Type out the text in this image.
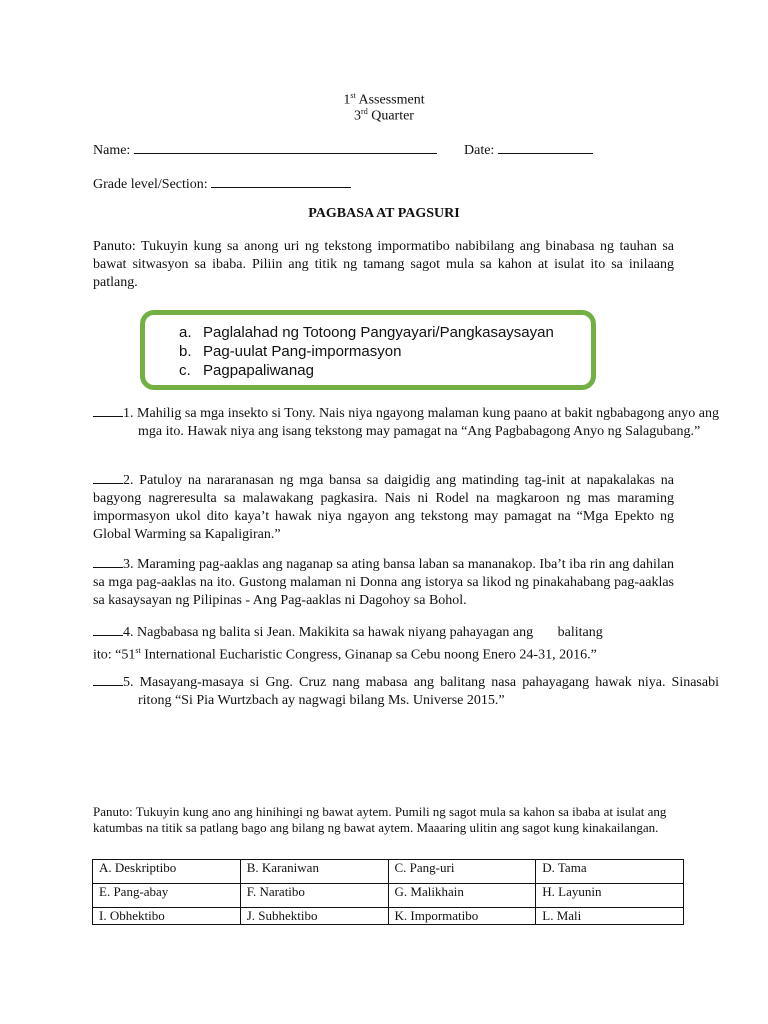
1st Assessment
3rd Quarter
Name:	Date:
Grade level/Section:
PAGBASA AT PAGSURI
Panuto: Tukuyin kung sa anong uri ng tekstong impormatibo nabibilang ang binabasa ng tauhan sa bawat sitwasyon sa ibaba. Piliin ang titik ng tamang sagot mula sa kahon at isulat ito sa inilaang patlang.
a. Paglalahad ng Totoong Pangyayari/Pangkasaysayan
b. Pag-uulat Pang-impormasyon
c. Pagpapaliwanag
1. Mahilig sa mga insekto si Tony. Nais niya ngayong malaman kung paano at bakit ngbabagong anyo ang mga ito. Hawak niya ang isang tekstong may pamagat na “Ang Pagbabagong Anyo ng Salagubang.”
2. Patuloy na nararanasan ng mga bansa sa daigidig ang matinding tag-init at napakalakas na bagyong nagreresulta sa malawakang pagkasira. Nais ni Rodel na magkaroon ng mas maraming impormasyon ukol dito kaya’t hawak niya ngayon ang tekstong may pamagat na “Mga Epekto ng Global Warming sa Kapaligiran.”
3. Maraming pag-aaklas ang naganap sa ating bansa laban sa mananakop. Iba’t iba rin ang dahilan sa mga pag-aaklas na ito. Gustong malaman ni Donna ang istorya sa likod ng pinakahabang pag-aaklas sa kasaysayan ng Pilipinas - Ang Pag-aaklas ni Dagohoy sa Bohol.
4. Nagbabasa ng balita si Jean. Makikita sa hawak niyang pahayagan ang       balitang
ito: “51st International Eucharistic Congress, Ginanap sa Cebu noong Enero 24-31, 2016.”
5. Masayang-masaya si Gng. Cruz nang mabasa ang balitang nasa pahayagang hawak niya. Sinasabi ritong “Si Pia Wurtzbach ay nagwagi bilang Ms. Universe 2015.”
Panuto: Tukuyin kung ano ang hinihingi ng bawat aytem. Pumili ng sagot mula sa kahon sa ibaba at isulat ang katumbas na titik sa patlang bago ang bilang ng bawat aytem. Maaaring ulitin ang sagot kung kinakailangan.
A. Deskriptibo	B. Karaniwan	C. Pang-uri	D. Tama
E. Pang-abay	F. Naratibo	G. Malikhain	H. Layunin
I. Obhektibo	J. Subhektibo	K. Impormatibo	L. Mali
